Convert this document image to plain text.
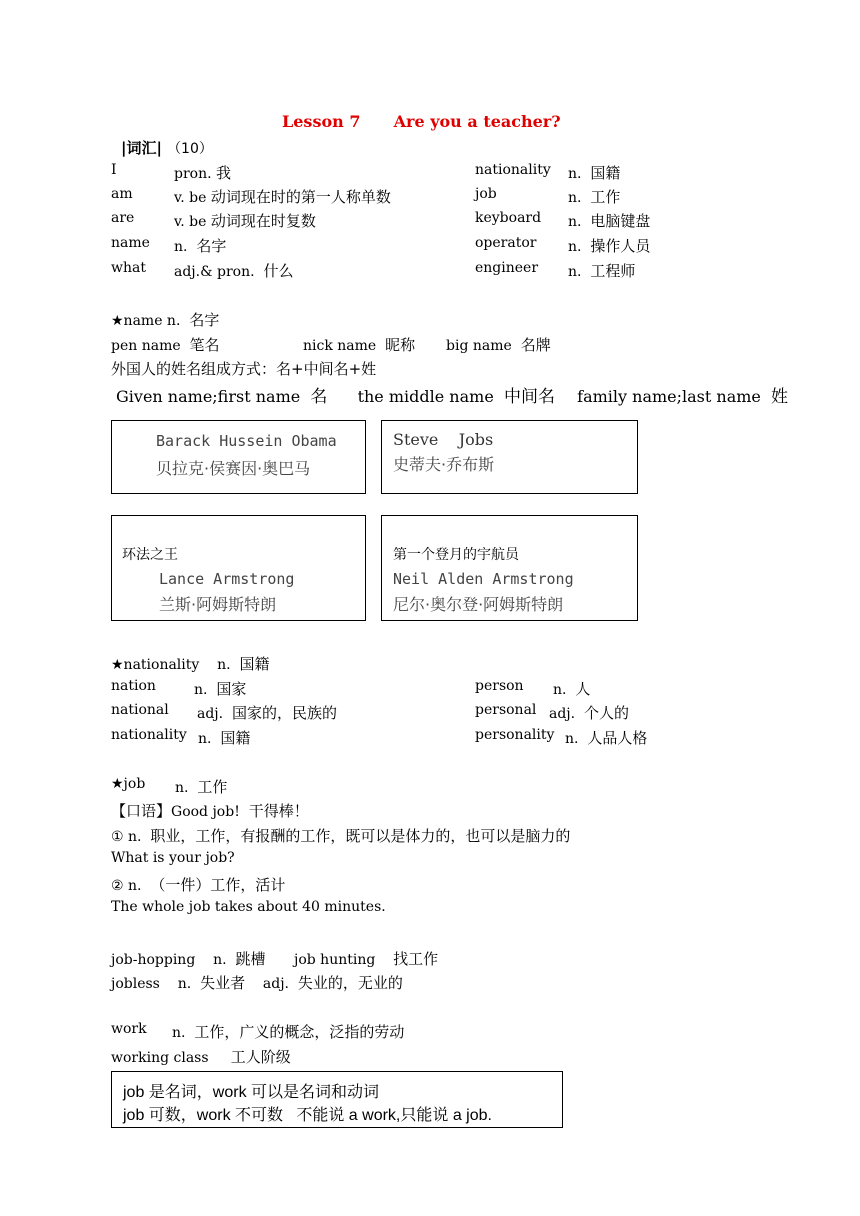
Lesson 7 Are you a teacher?
|词汇| （10）
I	pron. 我
am	v. be 动词现在时的第一人称单数
are	v. be 动词现在时复数
name n. 名字
what adj.& pron. 什么
nationality n. 国籍
job	n. 工作
keyboard n. 电脑键盘
operator n. 操作人员
engineer n. 工程师
★name n. 名字
pen name 笔名	nick name 昵称 big name 名牌
外国人的姓名组成方式：名+中间名+姓
Given name;first name 名 the middle name 中间名 family name;last name 姓
Barack Hussein Obama
贝拉克·侯赛因·奥巴马
Steve    Jobs
史蒂夫·乔布斯
环法之王
Lance Armstrong
兰斯·阿姆斯特朗
第一个登月的宇航员
Neil Alden Armstrong
尼尔·奥尔登·阿姆斯特朗
★nationality n. 国籍
nation	n. 国家
national adj. 国家的，民族的
nationality n. 国籍
person n. 人
personal adj. 个人的
personality n. 人品人格
★job n. 工作
【口语】Good job! 干得棒！
① n. 职业，工作，有报酬的工作，既可以是体力的，也可以是脑力的
What is your job?
② n. （一件）工作，活计
The whole job takes about 40 minutes.
job-hopping n. 跳槽 job hunting 找工作
jobless n. 失业者 adj. 失业的，无业的
work n. 工作，广义的概念，泛指的劳动
working class 工人阶级
job 是名词，work 可以是名词和动词
job 可数，work 不可数   不能说 a work,只能说 a job.
